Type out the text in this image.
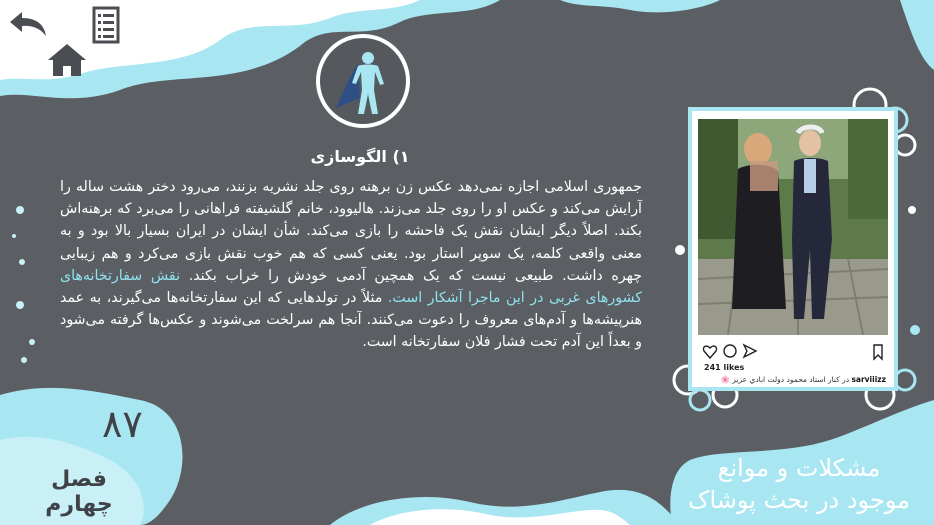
۱) الگوسازی
جمهوری اسلامی اجازه نمی‌دهد عکس زن برهنه روی جلد نشریه بزنند، می‌رود دختر هشت ساله را آرایش می‌کند و عکس او را روی جلد می‌زند. هالیوود، خانم گلشیفته فراهانی را می‌برد که برهنه‌اش بکند. اصلاً دیگر ایشان نقش یک فاحشه را بازی می‌کند. شأن ایشان در ایران بسیار بالا بود و به معنی واقعی کلمه، یک سوپر استار بود. یعنی کسی که هم خوب نقش بازی می‌کرد و هم زیبایی چهره داشت. طبیعی نیست که یک همچین آدمی خودش را خراب بکند. نقش سفارتخانه‌های کشورهای غربی در این ماجرا آشکار است. مثلاً در تولدهایی که این سفارتخانه‌ها می‌گیرند، به عمد هنرپیشه‌ها و آدم‌های معروف را دعوت می‌کنند. آنجا هم سرلخت می‌شوند و عکس‌ها گرفته می‌شود و بعداً این آدم تحت فشار فلان سفارتخانه است.
241 likes
sarviiizz در کنار استاد محمود دولت ابادي عزيز 🌸
۸۷
فصل چهارم
مشکلات و موانع
موجود در بحث پوشاک
